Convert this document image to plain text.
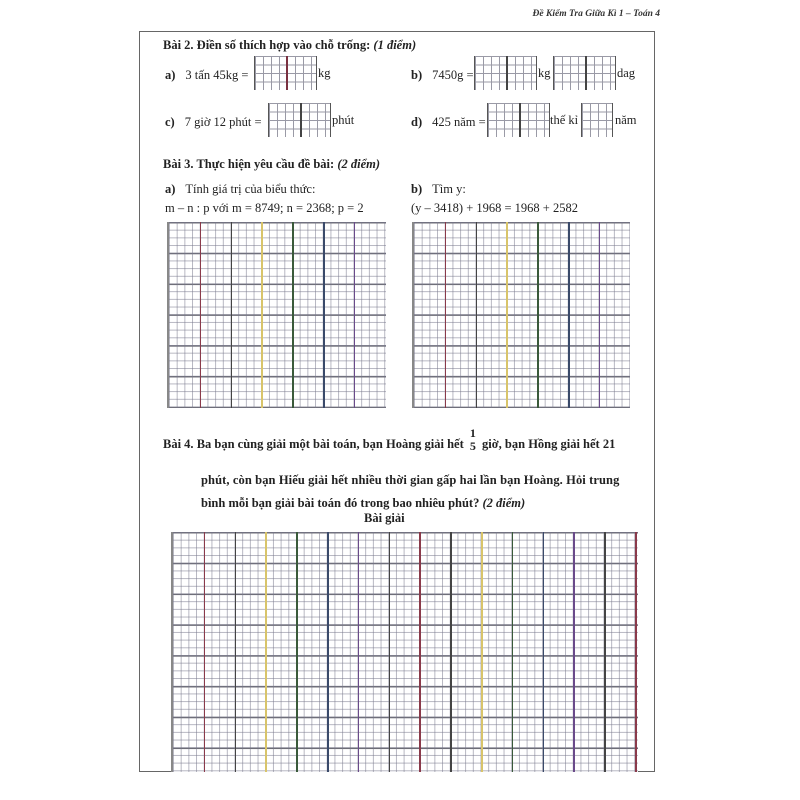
Đề Kiểm Tra Giữa Kì 1 – Toán 4
Bài 2. Điền số thích hợp vào chỗ trống: (1 điểm)
a) 3 tấn 45kg =	kg	b) 7450g =	kg	dag
c) 7 giờ 12 phút =	phút	d) 425 năm =	thế kỉ	năm
Bài 3. Thực hiện yêu cầu đề bài: (2 điểm)
a) Tính giá trị của biểu thức:
m – n : p với m = 8749; n = 2368; p = 2
b) Tìm y:
(y – 3418) + 1968 = 1968 + 2582
Bài 4. Ba bạn cùng giải một bài toán, bạn Hoàng giải hết
1
5 giờ, bạn Hồng giải hết 21
phút, còn bạn Hiếu giải hết nhiều thời gian gấp hai lần bạn Hoàng. Hỏi trung
bình mỗi bạn giải bài toán đó trong bao nhiêu phút? (2 điểm)
Bài giải
